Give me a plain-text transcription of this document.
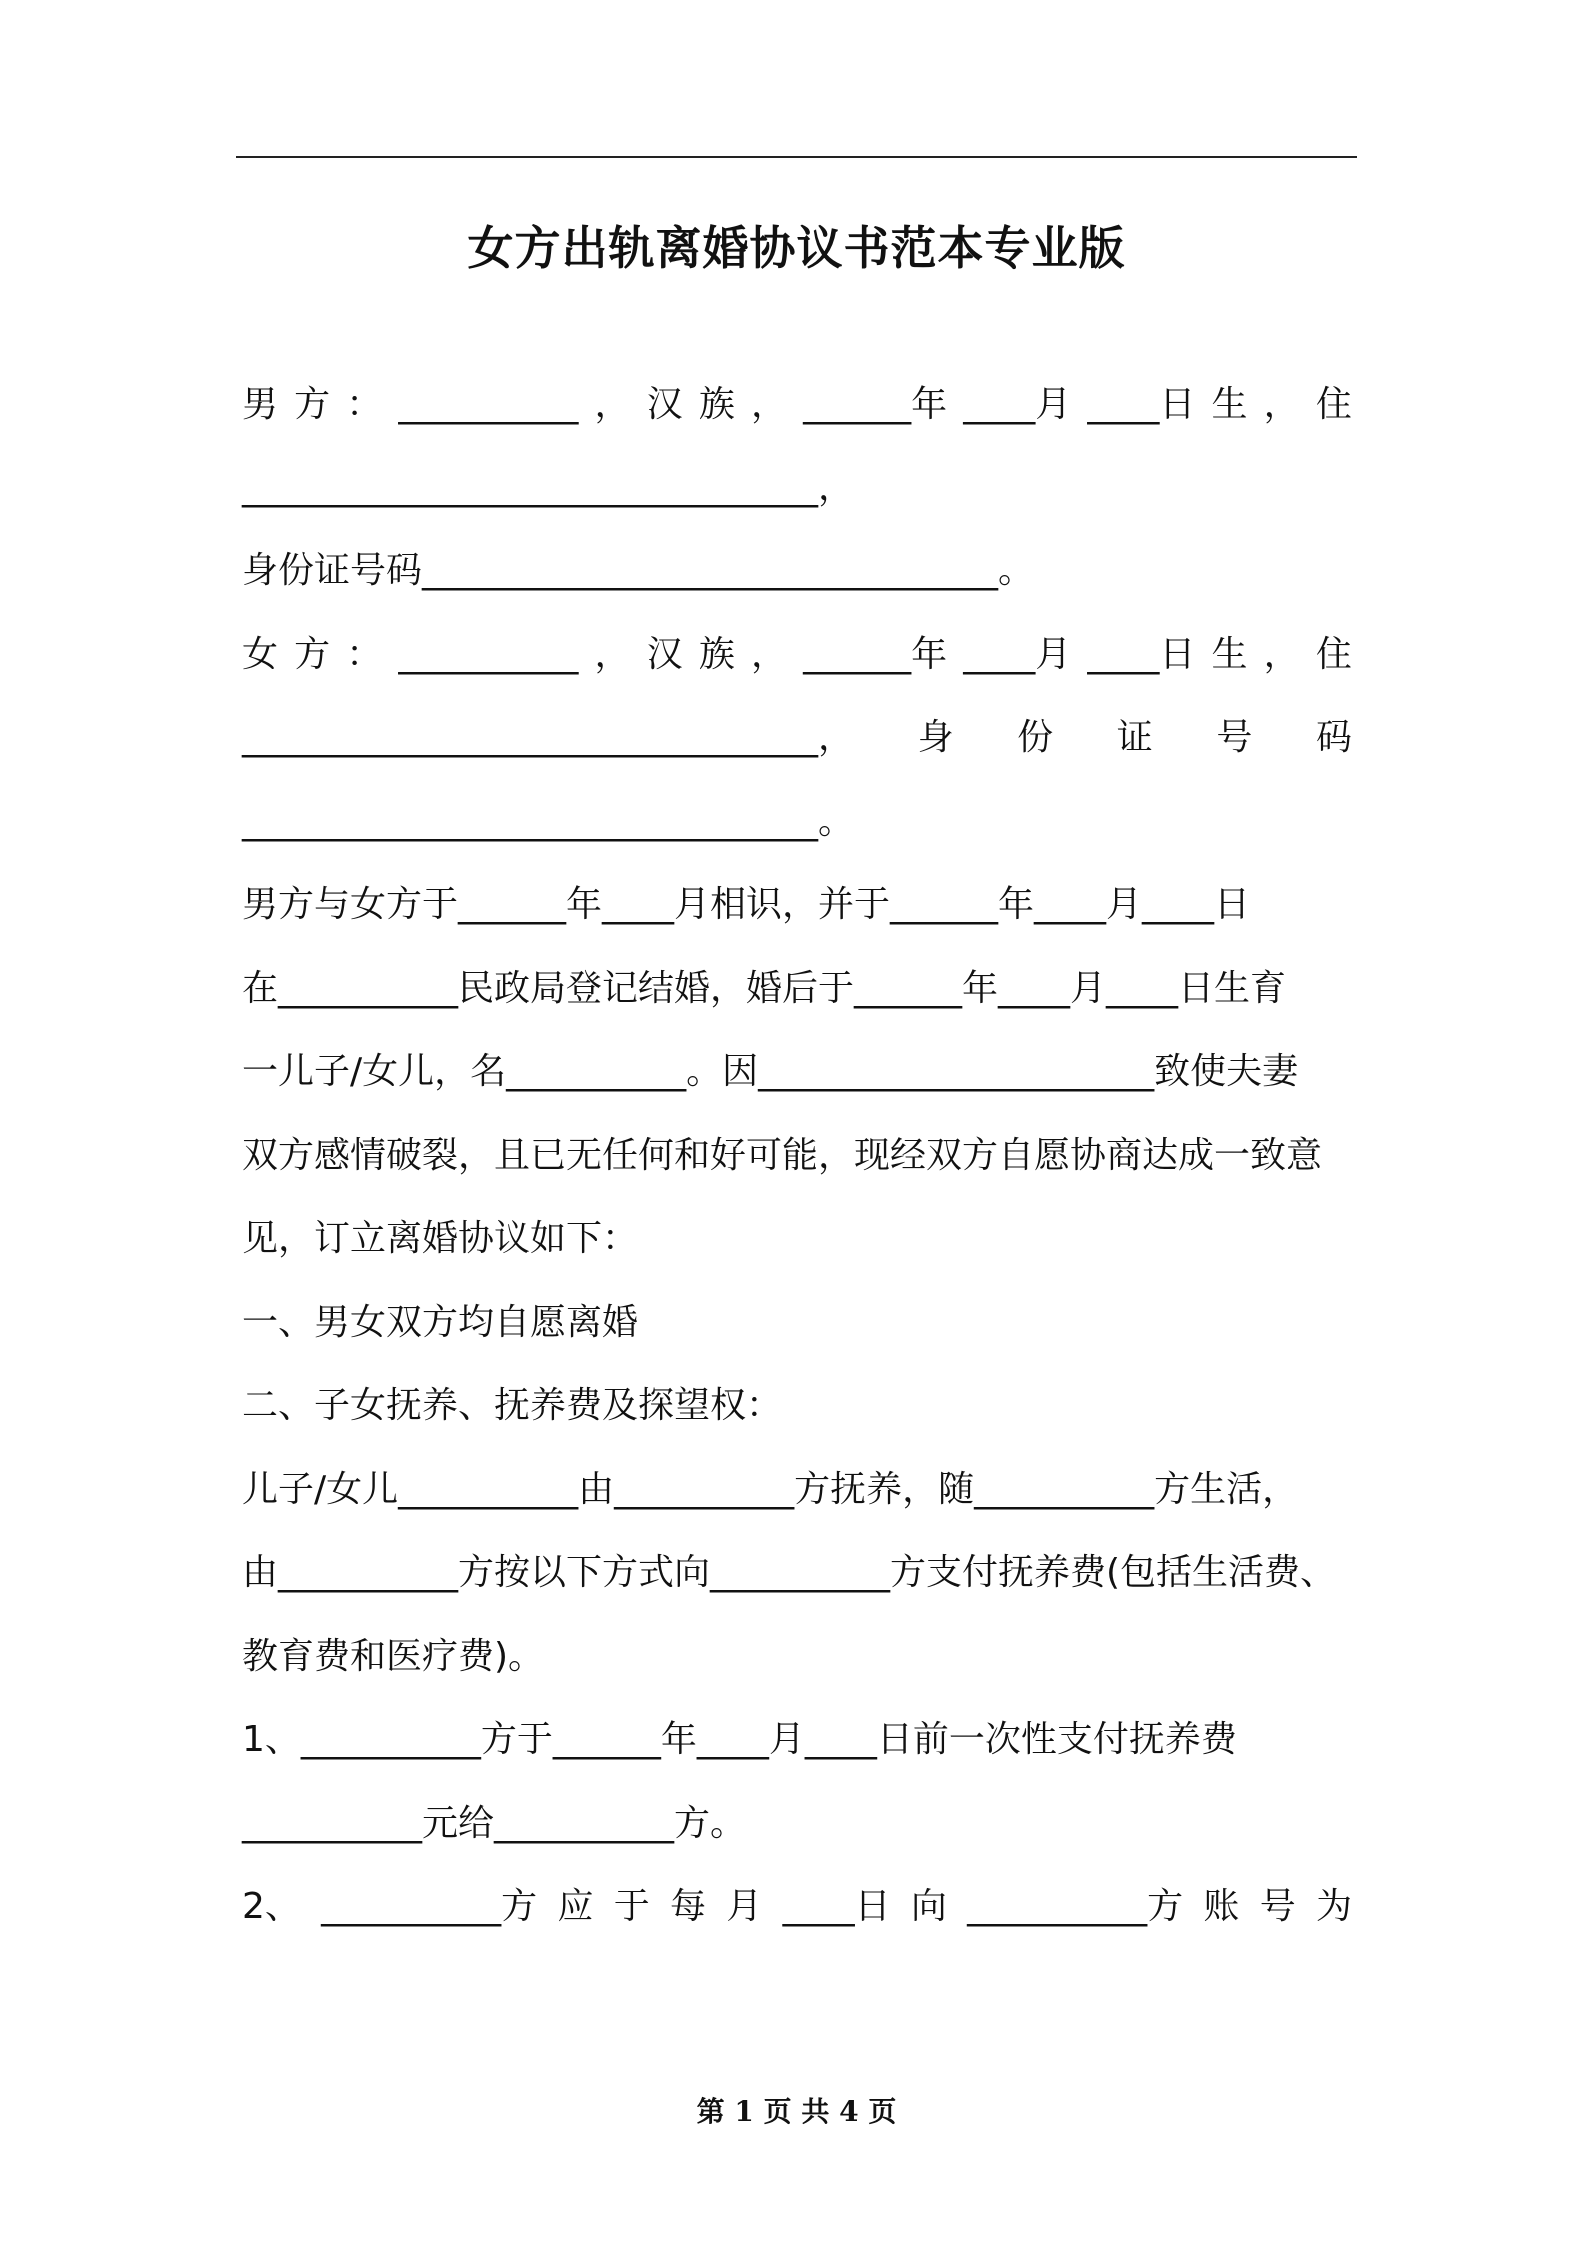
女方出轨离婚协议书范本专业版
男 方 ： __________ ， 汉 族 ， ______年 ____月 ____日 生 ， 住
________________________________，
身份证号码________________________________。
女 方 ： __________ ， 汉 族 ， ______年 ____月 ____日 生 ， 住
________________________________， 身 份 证 号 码
________________________________。
男方与女方于______年____月相识，并于______年____月____日
在__________民政局登记结婚，婚后于______年____月____日生育
一儿子/女儿，名__________。因______________________致使夫妻
双方感情破裂，且已无任何和好可能，现经双方自愿协商达成一致意
见，订立离婚协议如下：
一、男女双方均自愿离婚
二、子女抚养、抚养费及探望权：
儿子/女儿__________由__________方抚养，随__________方生活，
由__________方按以下方式向__________方支付抚养费(包括生活费、
教育费和医疗费)。
1、__________方于______年____月____日前一次性支付抚养费
__________元给__________方。
2、 __________方 应 于 每 月 ____日 向 __________方 账 号 为
第 1 页 共 4 页
